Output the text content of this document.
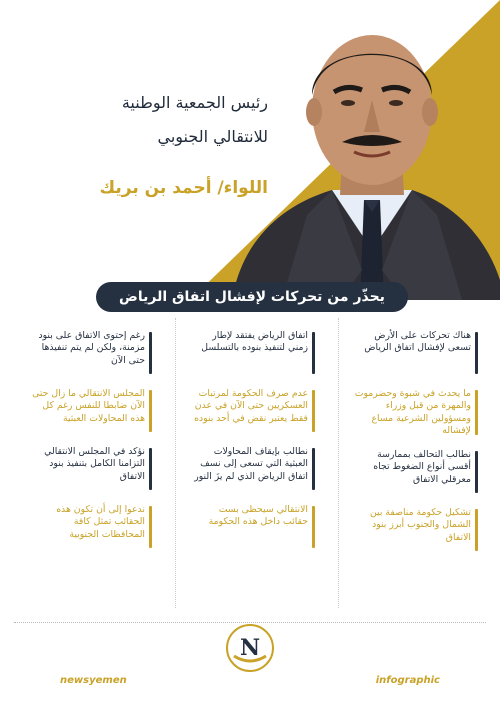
رئيس الجمعية الوطنية

للانتقالي الجنوبي

اللواء/ أحمد بن بريك
يحذّر من تحركات لإفشال اتفاق الرياض
هناك تحركات على الأرض تسعى لإفشال اتفاق الرياض
ما يحدث في شبوة وحضرموت والمهرة من قبل وزراء ومسؤولين الشرعية مساع لإفشاله
نطالب التحالف بممارسة أقسى أنواع الضغوط تجاه معرقلي الاتفاق
تشكيل حكومة مناصفة بين الشمال والجنوب أبرز بنود الاتفاق
اتفاق الرياض يفتقد لإطار زمني لتنفيذ بنوده بالتسلسل
عدم صرف الحكومة لمرتبات العسكريين حتى الآن في عدن فقط يعتبر نقض في أحد بنوده
نطالب بإيقاف المحاولات العبثية التي تسعى إلى نسف اتفاق الرياض الذي لم يزَ النور
الانتقالي سيحظى بست حقائب داخل هذه الحكومة
رغم إحتوى الاتفاق على بنود مزمنة، ولكن لم يتم تنفيذها حتى الآن
المجلس الانتقالي ما زال حتى الآن ضابطا للنفس رغم كل هذه المحاولات العبثية
نؤكد في المجلس الانتقالي التزامنا الكامل بتنفيذ بنود الاتفاق
ندعوا إلى أن تكون هذه الحقائب تمثل كافة المحافظات الجنوبية
N
newsyemen	infographic
